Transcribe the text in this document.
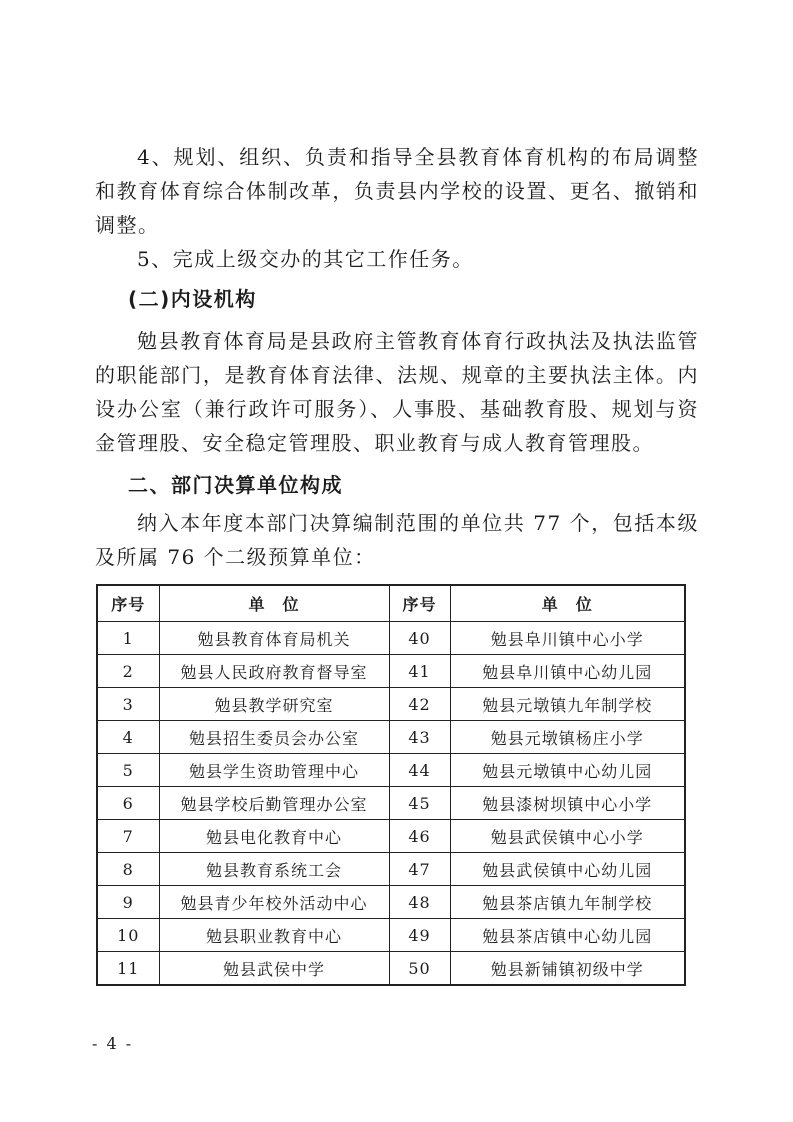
4、规划、组织、负责和指导全县教育体育机构的布局调整和教育体育综合体制改革，负责县内学校的设置、更名、撤销和调整。

5、完成上级交办的其它工作任务。

(二)内设机构

勉县教育体育局是县政府主管教育体育行政执法及执法监管的职能部门，是教育体育法律、法规、规章的主要执法主体。内设办公室（兼行政许可服务）、人事股、基础教育股、规划与资金管理股、安全稳定管理股、职业教育与成人教育管理股。

二、部门决算单位构成

纳入本年度本部门决算编制范围的单位共 77 个，包括本级及所属 76 个二级预算单位：

序号	单　位	序号	单　位
1	勉县教育体育局机关	40	勉县阜川镇中心小学
2	勉县人民政府教育督导室	41	勉县阜川镇中心幼儿园
3	勉县教学研究室	42	勉县元墩镇九年制学校
4	勉县招生委员会办公室	43	勉县元墩镇杨庄小学
5	勉县学生资助管理中心	44	勉县元墩镇中心幼儿园
6	勉县学校后勤管理办公室	45	勉县漆树坝镇中心小学
7	勉县电化教育中心	46	勉县武侯镇中心小学
8	勉县教育系统工会	47	勉县武侯镇中心幼儿园
9	勉县青少年校外活动中心	48	勉县茶店镇九年制学校
10	勉县职业教育中心	49	勉县茶店镇中心幼儿园
11	勉县武侯中学	50	勉县新铺镇初级中学
- 4 -
